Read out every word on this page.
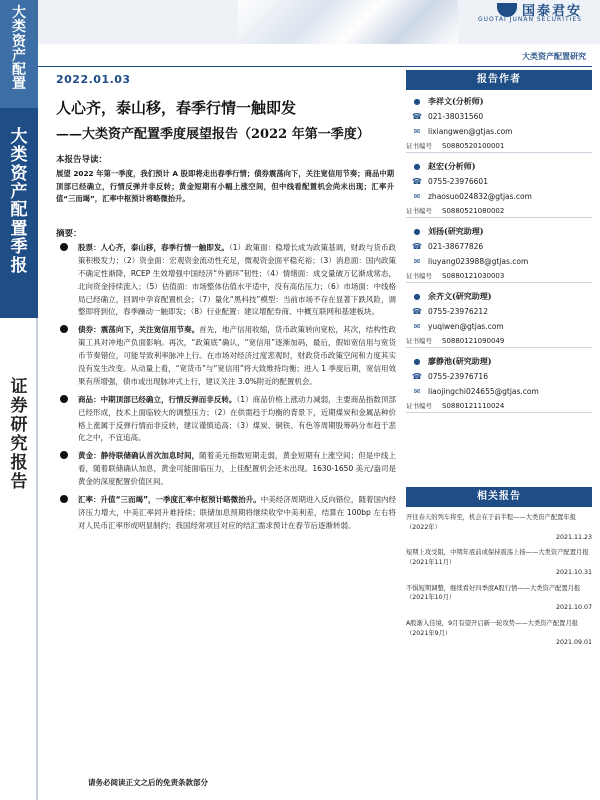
大
类
资
产
配
置
大
类
资
产
配
置
季
报
证
券
研
究
报
告
国泰君安
GUOTAI JUNAN SECURITIES
大类资产配置研究
2022.01.03
人心齐，泰山移，春季行情一触即发
——大类资产配置季度展望报告（2022 年第一季度）
本报告导读：
展望 2022 年第一季度，我们预计 A 股即将走出春季行情；债券震荡向下，关注宽信用节奏；商品中期顶部已经确立，行情反弹并非反转；黄金短期有小幅上涨空间，但中线看配置机会尚未出现；汇率升值“三而竭”，汇率中枢预计将略微抬升。
摘要：
股票：人心齐，泰山移，春季行情一触即发。（1）政策面：稳增长成为政策基调，财政与货币政策积极发力；（2）资金面：宏观资金流动性充足，微观资金面平稳充裕；（3）消息面：国内政策不确定性渐降，RCEP 生效增强中国经济“外循环”韧性；（4）情绪面：成交量破万亿渐成常态，北向资金持续流入；（5）估值面：市场整体估值水平适中，没有高估压力；（6）市场面：中线格局已经确立，回调中孕育配置机会；（7）量化“黑科技”模型：当前市场不存在显著下跌风险，调整即将到位，春季躁动一触即发；（8）行业配置：建议增配券商、中概互联网和基建板块。
债券：震荡向下，关注宽信用节奏。首先，地产信用收缩，货币政策转向宽松，其次，结构性政策工具对冲地产负面影响。再次，“政策底”确认，“宽信用”逐渐加码，最后，假如宽信用与宽货币节奏错位，可能导致利率脉冲上行。在市场对经济过度悲观时，财政货币政策空间和力度其实没有发生改变。从动量上看，“宽货币”与“宽信用”将大致维持均衡；进入 1 季度后期，宽信用效果有所增强，债市或出现脉冲式上行，建议关注 3.0%附近的配置机会。
商品：中期顶部已经确立，行情反弹而非反转。（1）商品价格上涨动力减弱，主要商品指数顶部已经形成，技术上面临较大的调整压力；（2）在供需趋于均衡的背景下，近期煤炭和金属品种价格上涨属于反弹行情而非反转，建议谨慎追高；（3）煤炭、铜铁、有色等周期股筹码分布趋于悲化之中，不宜追高。
黄金：静待联储确认首次加息时间，随着美元指数短期走弱，黄金短期有上涨空间；但是中线上看，随着联储确认加息，黄金可能面临压力，上佳配置机会还未出现。1630-1650 美元/盎司是黄金的深度配置价值区间。
汇率：升值“三而竭”，一季度汇率中枢预计略微抬升。中美经济周期进入反向错位，随着国内经济压力增大，中美汇率同升难持续；联储加息预期将继续收窄中美利差，结算在 100bp 左右将对人民币汇率形成明显制约；我国经常项目对应的结汇需求预计在春节后逐渐转弱。
报告作者
● 李祥文(分析师)
☎ 021-38031560
✉	lixiangwen@gtjas.com
证书编号	S0880520100001
● 赵宏(分析师)
☎ 0755-23976601
✉	zhaosuo024832@gtjas.com
证书编号	S0880521080002
● 刘扬(研究助理)
☎ 021-38677826
✉	liuyang023988@gtjas.com
证书编号	S0880121030003
● 余齐文(研究助理)
☎ 0755-23976212
✉	yuqiwen@gtjas.com
证书编号	S0880121090049
● 廖静池(研究助理)
☎ 0755-23976716
✉	liaojingchi024655@gtjas.com
证书编号	S0880121110024
相关报告
开往春天的列车将至，机会在于前半程——大类资产配置年报（2022年）
2021.11.23
短期上攻受阻，中期年底前或保持震荡上扬——大类资产配置月报（2021年11月）
2021.10.31
不惧短期调整，继续看好四季度A股行情——大类资产配置月报（2021年10月）
2021.10.07
A股渐入佳境，9月有望开启新一轮攻势——大类资产配置月报（2021年9月）
2021.09.01
请务必阅读正文之后的免责条款部分
